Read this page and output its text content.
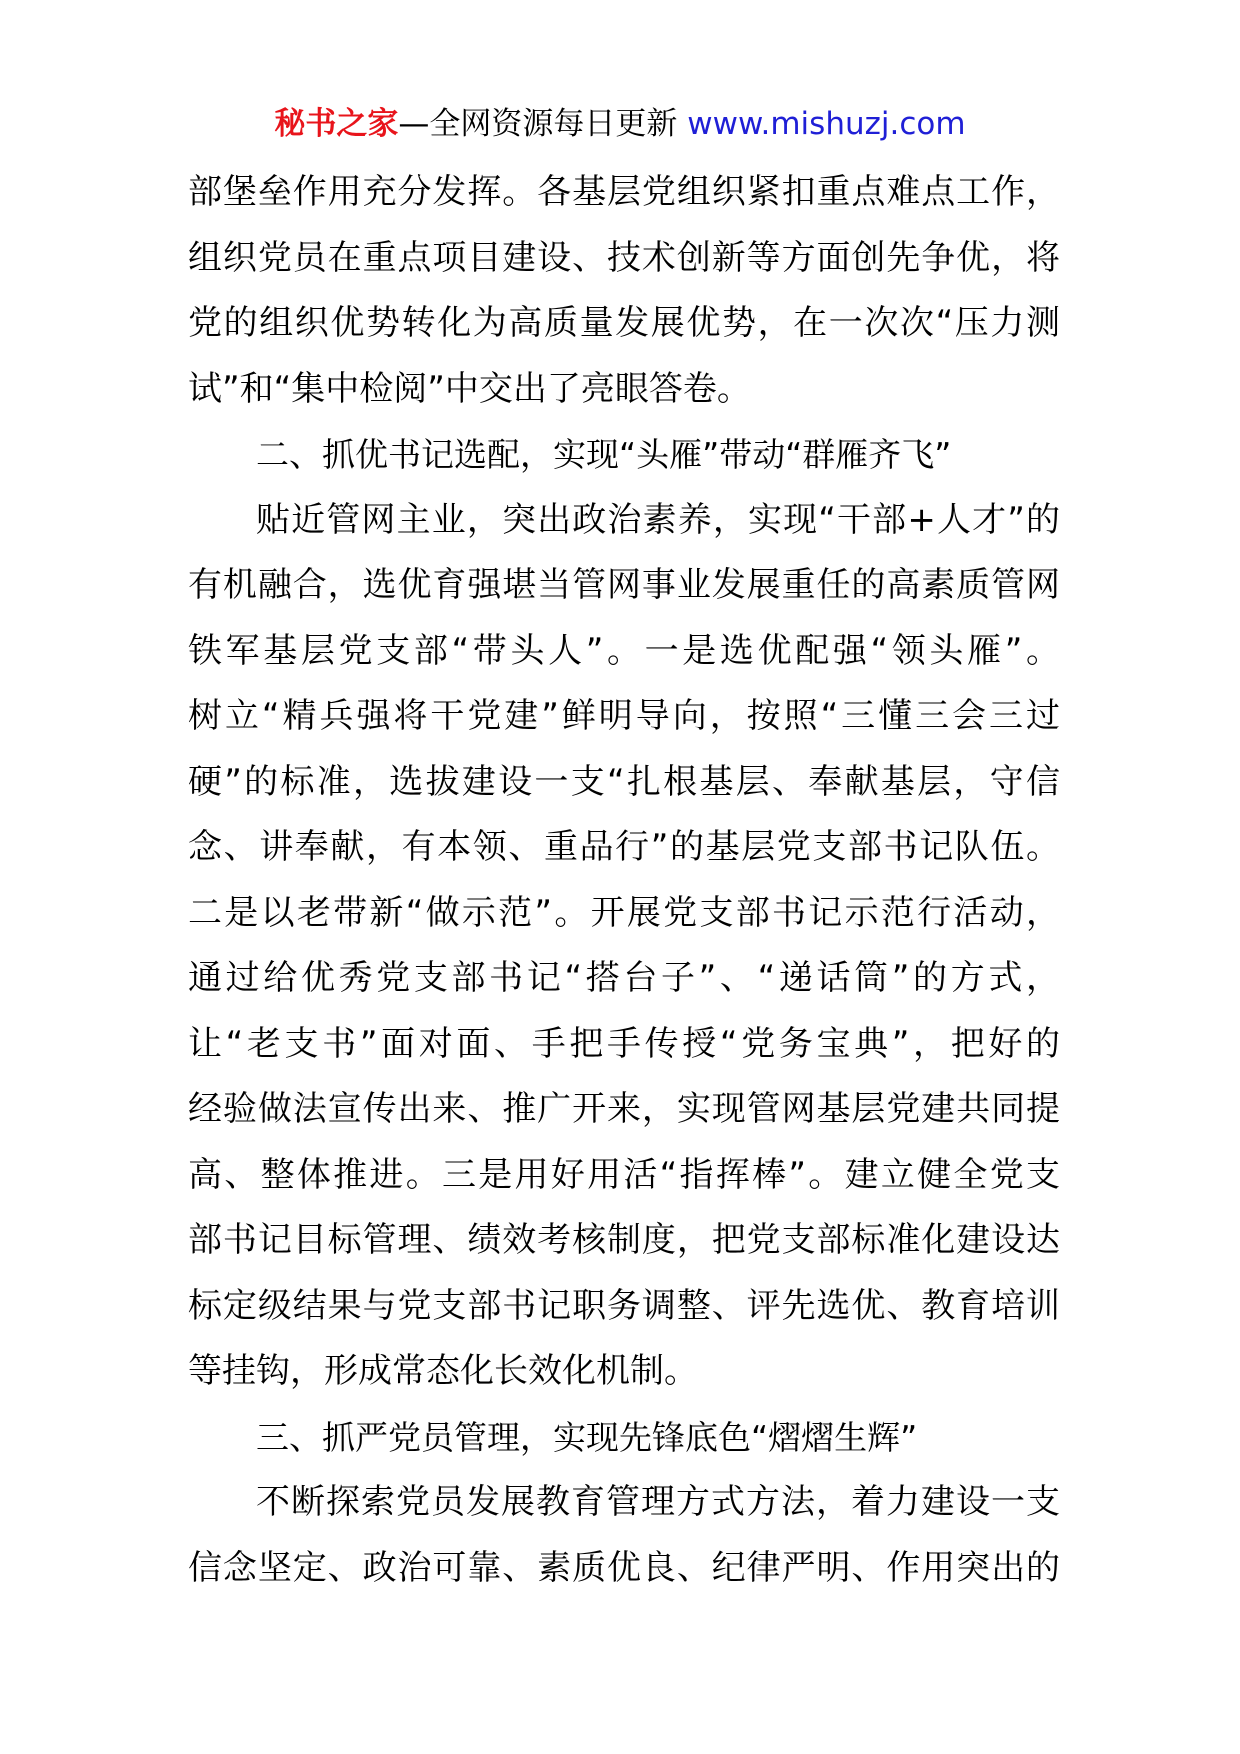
秘书之家—全网资源每日更新 www.mishuzj.com
部堡垒作用充分发挥。各基层党组织紧扣重点难点工作，
组织党员在重点项目建设、技术创新等方面创先争优，将
党的组织优势转化为高质量发展优势，在一次次“压力测
试”和“集中检阅”中交出了亮眼答卷。
二、抓优书记选配，实现“头雁”带动“群雁齐飞”
贴近管网主业，突出政治素养，实现“干部+人才”的
有机融合，选优育强堪当管网事业发展重任的高素质管网
铁军基层党支部“带头人”。一是选优配强“领头雁”。
树立“精兵强将干党建”鲜明导向，按照“三懂三会三过
硬”的标准，选拔建设一支“扎根基层、奉献基层，守信
念、讲奉献，有本领、重品行”的基层党支部书记队伍。
二是以老带新“做示范”。开展党支部书记示范行活动，
通过给优秀党支部书记“搭台子”、“递话筒”的方式，
让“老支书”面对面、手把手传授“党务宝典”，把好的
经验做法宣传出来、推广开来，实现管网基层党建共同提
高、整体推进。三是用好用活“指挥棒”。建立健全党支
部书记目标管理、绩效考核制度，把党支部标准化建设达
标定级结果与党支部书记职务调整、评先选优、教育培训
等挂钩，形成常态化长效化机制。
三、抓严党员管理，实现先锋底色“熠熠生辉”
不断探索党员发展教育管理方式方法，着力建设一支
信念坚定、政治可靠、素质优良、纪律严明、作用突出的
